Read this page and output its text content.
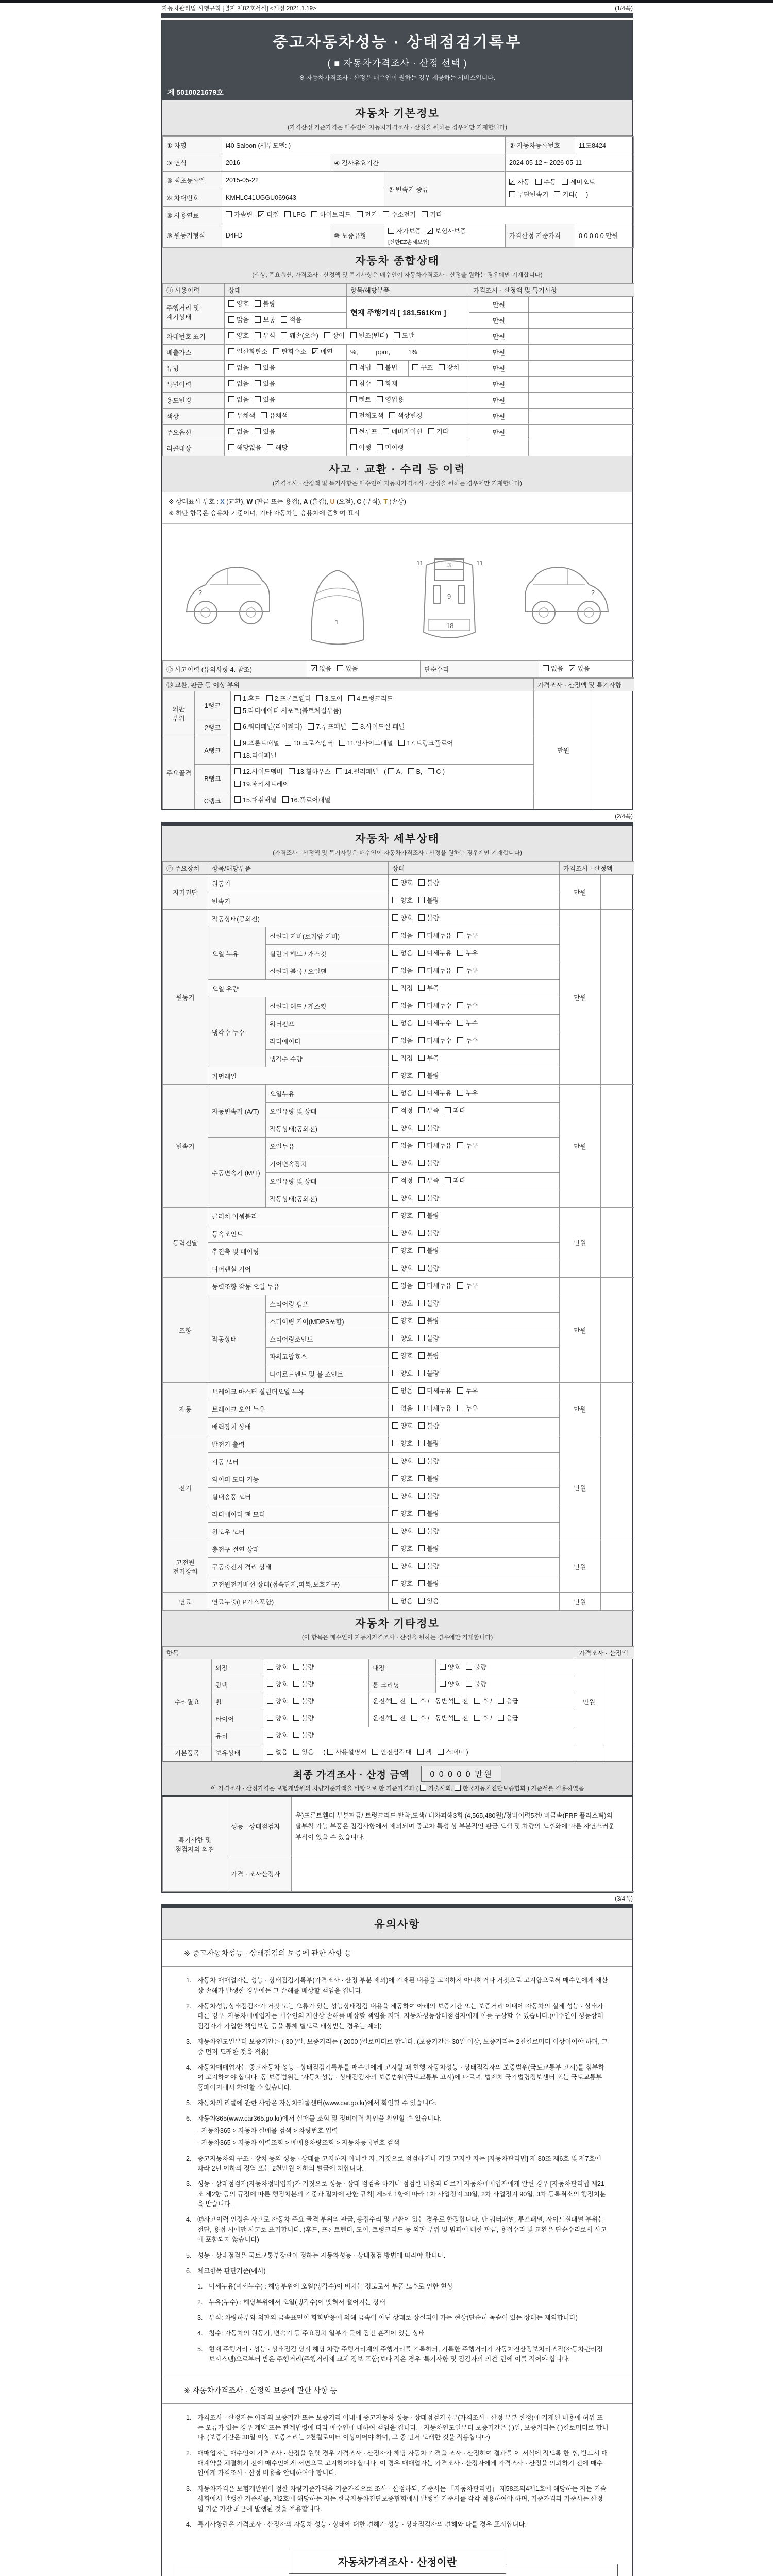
자동차관리법 시행규칙 [별지 제82호서식] <개정 2021.1.19>	(1/4쪽)
중고자동차성능 · 상태점검기록부
( ■ 자동차가격조사 · 산정 선택 )
※ 자동차가격조사 · 산정은 매수인이 원하는 경우 제공하는 서비스입니다.
제 5010021679호
자동차 기본정보
(가격산정 기준가격은 매수인이 자동차가격조사 · 산정을 원하는 경우에만 기재합니다)
① 차명	i40 Saloon (세부모델: )			② 자동차등록번호	11도8424
③ 연식	2016	④ 검사유효기간		2024-05-12 ~ 2026-05-11	
⑤ 최초등록일	2015-05-22		⑦ 변속기 종류	✓자동 수동 세미오토
무단변속기 기타(     )
⑥ 차대번호	KMHLC41UGGU069643				
⑧ 사용연료	가솔린 ✓ 디젤 LPG 하이브리드 전기 수소전기 기타
⑨ 원동기형식	D4FD	⑩ 보증유형	자가보증 ✓ 보험사보증[신한EZ손해보험]	가격산정 기준가격	0 0 0 0 0 만원
자동차 종합상태
(색상, 주요옵션, 가격조사 · 산정액 및 특기사항은 매수인이 자동차가격조사 · 산정을 원하는 경우에만 기재합니다)
⑪ 사용이력	상태	항목/해당부품		가격조사 · 산정액 및 특기사항	
주행거리 및 계기상태	양호 불량	현재 주행거리 [ 181,561Km ]		만원	
	많음 보통 적음			만원	
차대번호 표기	양호 부식 훼손(오손) 상이 변조(변타) 도말			만원	
배출가스	일산화탄소 탄화수소 ✓ 매연	%,          ppm,          1%		만원	
튜닝	없음 있음	적법 불법	구조 장치	만원	
특별이력	없음 있음	침수 화재		만원	
용도변경	없음 있음	렌트 영업용		만원	
색상	무채색 유채색	전체도색 색상변경		만원	
주요옵션	없음 있음	썬루프 네비게이션 기타		만원	
리콜대상	해당없음 해당	이행 미이행			
사고 · 교환 · 수리 등 이력
(가격조사 · 산정액 및 특기사항은 매수인이 자동차가격조사 · 산정을 원하는 경우에만 기재합니다)
※ 상태표시 부호 : X (교환), W (판금 또는 용접), A (흠집), U (요철), C (부식), T (손상)
※ 하단 항목은 승용차 기준이며, 기타 자동차는 승용차에 준하여 표시
2
1
11	11
3
9
18
2
⑫ 사고이력 (유의사항 4. 참조)	✓없음 있음	단순수리	없음 ✓ 있음
⑬ 교환, 판금 등 이상 부위			가격조사 · 산정액 및 특기사항	
외판 부위	1랭크	1.후드 2.프론트휀더 3.도어 4.트렁크리드
5.라디에이터 서포트(볼트체결부품)	만원	
	2랭크	6.쿼터패널(리어휀더) 7.루프패널 8.사이드실 패널		
주요골격	A랭크	9.프론트패널 10.크로스멤버 11.인사이드패널 17.트렁크플로어
18.리어패널		
	B랭크	12.사이드멤버 13.휠하우스 14.필러패널 ( A, B, C )
19.패키지트레이		
	C랭크	15.대쉬패널 16.플로어패널		
(2/4쪽)
자동차 세부상태
(가격조사 · 산정액 및 특기사항은 매수인이 자동차가격조사 · 산정을 원하는 경우에만 기재합니다)
⑭ 주요장치	항목/해당부품		상태	가격조사 · 산정액	
자기진단	원동기		양호 불량	만원	
	변속기		양호 불량		
원동기	작동상태(공회전)		양호 불량	만원	
	오일 누유	실린더 커버(로커암 커버)	없음 미세누유 누유		
		실린더 헤드 / 개스킷	없음 미세누유 누유		
		실린더 블록 / 오일팬	없음 미세누유 누유		
	오일 유량		적정 부족		
	냉각수 누수	실린더 헤드 / 개스킷	없음 미세누수 누수		
		워터펌프	없음 미세누수 누수		
		라디에이터	없음 미세누수 누수		
		냉각수 수량	적정 부족		
	커먼레일		양호 불량		
변속기	자동변속기 (A/T)	오일누유	없음 미세누유 누유	만원	
		오일유량 및 상태	적정 부족 과다		
		작동상태(공회전)	양호 불량		
	수동변속기 (M/T)	오일누유	없음 미세누유 누유		
		기어변속장치	양호 불량		
		오일유량 및 상태	적정 부족 과다		
		작동상태(공회전)	양호 불량		
동력전달	클러치 어셈블리		양호 불량	만원	
	등속조인트		양호 불량		
	추진축 및 베어링		양호 불량		
	디퍼렌셜 기어		양호 불량		
조향	동력조향 작동 오일 누유		없음 미세누유 누유	만원	
	작동상태	스티어링 펌프	양호 불량		
		스티어링 기어(MDPS포함)	양호 불량		
		스티어링조인트	양호 불량		
		파워고압호스	양호 불량		
		타이로드엔드 및 볼 조인트	양호 불량		
제동	브레이크 마스터 실린더오일 누유		없음 미세누유 누유	만원	
	브레이크 오일 누유		없음 미세누유 누유		
	배력장치 상태		양호 불량		
전기	발전기 출력		양호 불량	만원	
	시동 모터		양호 불량		
	와이퍼 모터 기능		양호 불량		
	실내송풍 모터		양호 불량		
	라디에이터 팬 모터		양호 불량		
	윈도우 모터		양호 불량		
고전원 전기장치	충전구 절연 상태		양호 불량	만원	
	구동축전지 격리 상태		양호 불량		
	고전원전기배선 상태(접속단자,피복,보호기구)		양호 불량		
연료	연료누출(LP가스포함)		없음 있음	만원	
자동차 기타정보
(이 항목은 매수인이 자동차가격조사 · 산정을 원하는 경우에만 기재합니다)
항목					가격조사 · 산정액	
수리필요	외장	양호 불량	내장	양호 불량	만원	
	광택	양호 불량	룸 크리닝	양호 불량		
	휠	양호 불량	운전석 전 후 / 동반석 전 후 / 응급			
	타이어	양호 불량	운전석 전 후 / 동반석 전 후 / 응급			
	유리	양호 불량				
기본품목	보유상태	없음 있음  ( 사용설명서 안전삼각대 잭 스패너 )				
최종 가격조사 · 산정 금액 0 0 0 0 0 만원
이 가격조사 · 산정가격은 보험개발원의 차량기준가액을 바탕으로 한 기준가격과 ( 기술사회, 한국자동차진단보증협회 ) 기준서를 적용하였음
특기사항 및 점검자의 의견	성능 · 상태점검자	운)프론트휀더 부분판금/ 트렁크리드 탈착,도색/ 내차피해3회 (4,565,480원)/정비이력5건/ 비금속(FRP 플라스틱)의 탈부착 가능 부품은 점검사항에서 제외되며 중고차 특성 상 부분적인 판금,도색 및 차량의 노후화에 따른 자연스러운 부식이 있을 수 있습니다.
	가격 · 조사산정자	
(3/4쪽)
유의사항
※ 중고자동차성능 · 상태점검의 보증에 관한 사항 등
1. 자동차 매매업자는 성능 · 상태점검기록부(가격조사 · 산정 부분 제외)에 기재된 내용을 고지하지 아니하거나 거짓으로 고지함으로써 매수인에게 재산상 손해가 발생한 경우에는 그 손해를 배상할 책임을 집니다.
2. 자동차성능상태점검자가 거짓 또는 오류가 있는 성능상태점검 내용을 제공하여 아래의 보증기간 또는 보증거리 이내에 자동차의 실제 성능 · 상태가 다른 경우, 자동차매매업자는 매수인의 재산상 손해를 배상할 책임을 지며, 자동차성능상태점검자에게 이를 구상할 수 있습니다.(매수인이 성능상태점검자가 가입한 책임보험 등을 통해 별도로 배상받는 경우는 제외)
3. 자동차인도일부터 보증기간은 ( 30 )일, 보증거리는 ( 2000 )킬로미터로 합니다. (보증기간은 30일 이상, 보증거리는 2천킬로미터 이상이어야 하며, 그 중 먼저 도래한 것을 적용)
4. 자동차매매업자는 중고자동차 성능 · 상태점검기록부를 매수인에게 고지할 때 현행 자동차성능 · 상태점검자의 보증범위(국토교통부 고시)를 첨부하여 고지하여야 합니다. 동 보증범위는 '자동차성능 · 상태점검자의 보증범위'(국토교통부 고시)에 따르며, 법제처 국가법령정보센터 또는 국토교통부 홈페이지에서 확인할 수 있습니다.
5. 자동차의 리콜에 관한 사항은 자동차리콜센터(www.car.go.kr)에서 확인할 수 있습니다.
6. 자동차365(www.car365.go.kr)에서 실매물 조회 및 정비이력 확인을 확인할 수 있습니다.
- 자동차365 > 자동차 실매물 검색 > 차량번호 입력
- 자동차365 > 자동차 이력조회 > 매매용차량조회 > 자동차등록번호 검색
2. 중고자동차의 구조 · 장치 등의 성능 · 상태를 고지하지 아니한 자, 거짓으로 점검하거나 거짓 고지한 자는 [자동차관리법] 제 80조 제6호 및 제7호에 따라 2년 이하의 징역 또는 2천만원 이하의 벌금에 처합니다.
3. 성능 · 상태점검자(자동차정비업자)가 거짓으로 성능 · 상태 점검을 하거나 점검한 내용과 다르게 자동차매매업자에게 알린 경우 [자동차관리법 제21조 제2항 등의 규정에 따른 행정처분의 기준과 절차에 관한 규칙] 제5조 1항에 따라 1차 사업정지 30일, 2차 사업정지 90일, 3차 등록취소의 행정처분을 받습니다.
4. ⑫사고이력 인정은 사고로 자동차 주요 골격 부위의 판금, 용접수리 및 교환이 있는 경우로 한정합니다. 단 쿼터패널, 루프패널, 사이드실패널 부위는 절단, 용접 시에만 사고로 표기합니다. (후드, 프론트펜더, 도어, 트렁크리드 등 외판 부위 및 범퍼에 대한 판금, 용접수리 및 교환은 단순수리로서 사고에 포함되지 않습니다)
5. 성능 · 상태점검은 국토교통부장관이 정하는 자동차성능 · 상태점검 방법에 따라야 합니다.
6. 체크항목 판단기준(예시)
1. 미세누유(미세누수) : 해당부위에 오일(냉각수)이 비치는 정도로서 부품 노후로 인한 현상
2. 누유(누수) : 해당부위에서 오일(냉각수)이 맺혀서 떨어지는 상태
3. 부식: 차량하부와 외판의 금속표면이 화학반응에 의해 금속이 아닌 상태로 상실되어 가는 현상(단순히 녹슬어 있는 상태는 제외합니다)
4. 침수: 자동차의 원동기, 변속기 등 주요장치 일부가 물에 잠긴 흔적이 있는 상태
5. 현재 주행거리 · 성능 · 상태점검 당시 해당 차량 주행거리계의 주행거리를 기록하되, 기록한 주행거리가 자동차전산정보처리조직(자동차관리정보시스템)으로부터 받은 주행거리(주행거리계 교체 정보 포함)보다 적은 경우 '특기사항 및 점검자의 의견' 란에 이를 적어야 합니다.
※ 자동차가격조사 · 산정의 보증에 관한 사항 등
1. 가격조사 · 산정자는 아래의 보증기간 또는 보증거리 이내에 중고자동차 성능 · 상태점검기록부(가격조사 · 산정 부분 한정)에 기재된 내용에 허위 또는 오류가 있는 경우 계약 또는 관계법령에 따라 매수인에 대하여 책임을 집니다. · 자동차인도일부터 보증기간은 ( )일, 보증거리는 ( )킬로미터로 합니다. (보증기간은 30일 이상, 보증거리는 2천킬로미터 이상이어야 하며, 그 중 먼저 도래한 것을 적용합니다)
2. 매매업자는 매수인이 가격조사 · 산정을 원할 경우 가격조사 · 산정자가 해당 자동차 가격을 조사 · 산정하여 결과를 이 서식에 적도록 한 후, 반드시 매매계약을 체결하기 전에 매수인에게 서면으로 고지하여야 합니다. 이 경우 매매업자는 가격조사 · 산정자에게 가격조사 · 산정을 의뢰하기 전에 매수인에게 가격조사 · 산정 비용을 안내하여야 합니다.
3. 자동차가격은 보험개발원이 정한 차량기준가액을 기준가격으로 조사 · 산정하되, 기준서는 「자동차관리법」 제58조의4제1호에 해당하는 자는 기술사회에서 발행한 기준서를, 제2호에 해당하는 자는 한국자동차진단보증협회에서 발행한 기준서를 각각 적용하여야 하며, 기준가격과 기준서는 산정일 기준 가장 최근에 발행된 것을 적용합니다.
4. 특기사항란은 가격조사 · 산정자의 자동차 성능 · 상태에 대한 견해가 성능 · 상태점검자의 견해와 다를 경우 표시합니다.
자동차가격조사 · 산정이란
